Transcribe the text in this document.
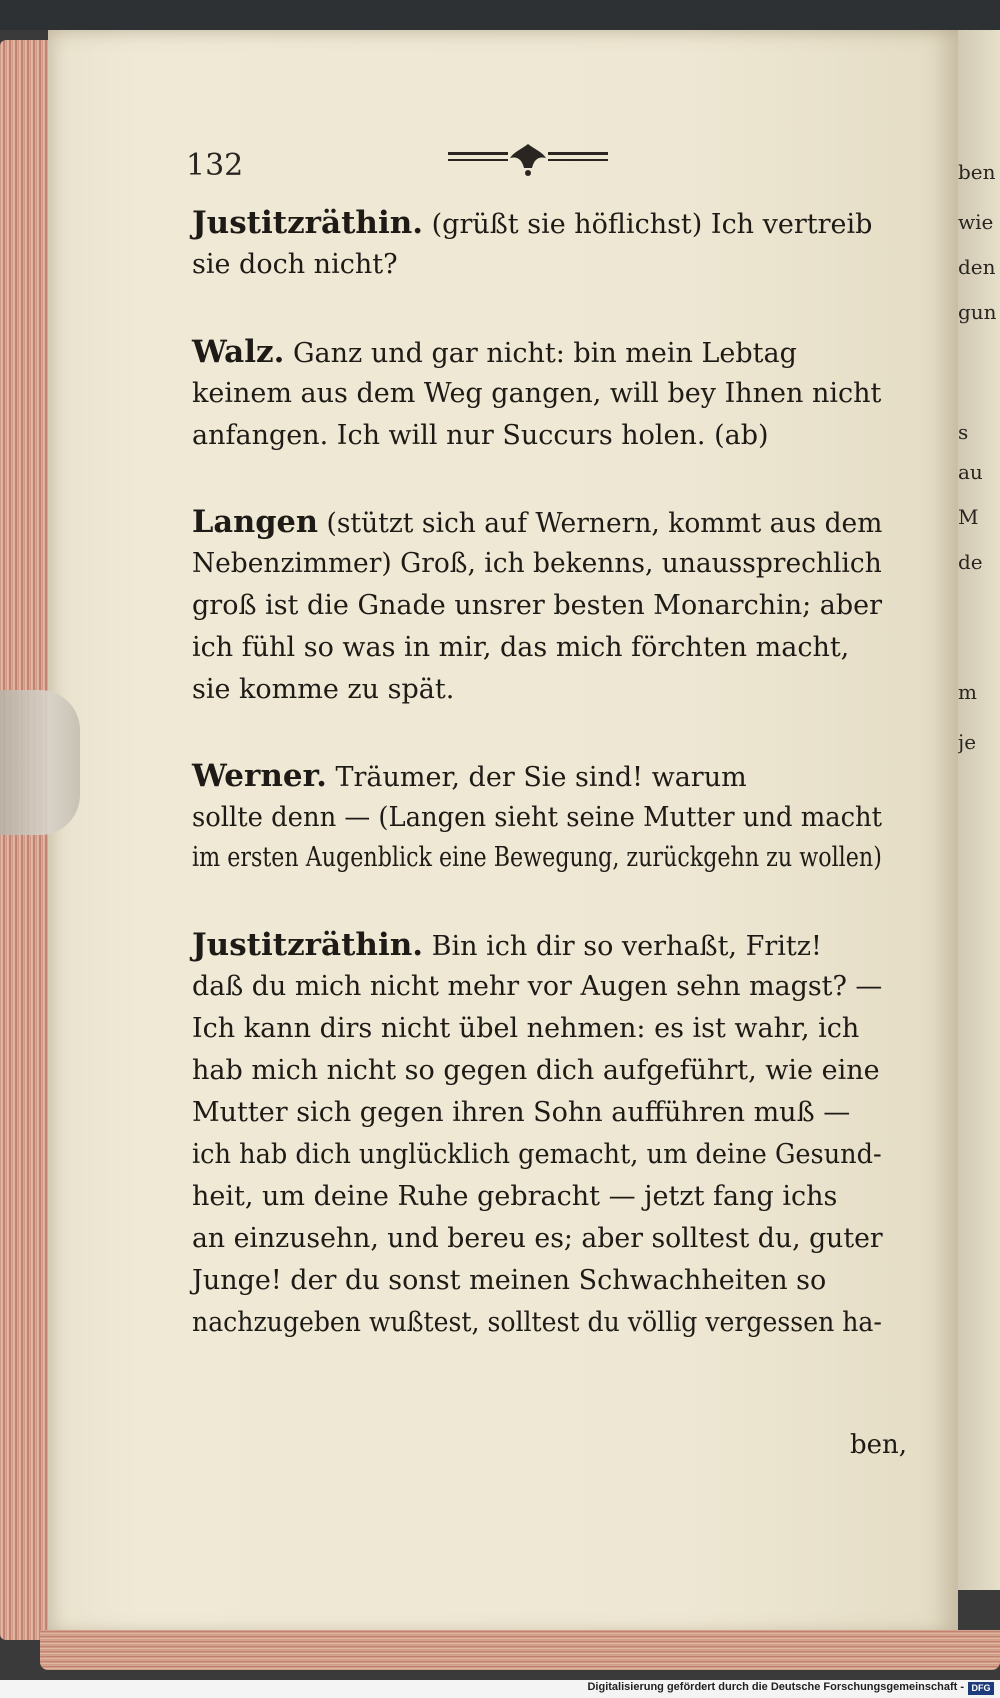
ben
wie
den
gun
s
au
M
de
m
je
132
Justitzräthin. (grüßt sie höflichst) Ich vertreib
sie doch nicht?
Walz. Ganz und gar nicht: bin mein Lebtag
keinem aus dem Weg gangen, will bey Ihnen nicht
anfangen. Ich will nur Succurs holen. (ab)
Langen (stützt sich auf Wernern, kommt aus dem
Nebenzimmer) Groß, ich bekenns, unaussprechlich
groß ist die Gnade unsrer besten Monarchin; aber
ich fühl so was in mir, das mich förchten macht,
sie komme zu spät.
Werner. Träumer, der Sie sind! warum
sollte denn — (Langen sieht seine Mutter und macht
im ersten Augenblick eine Bewegung, zurückgehn zu wollen)
Justitzräthin. Bin ich dir so verhaßt, Fritz!
daß du mich nicht mehr vor Augen sehn magst? —
Ich kann dirs nicht übel nehmen: es ist wahr, ich
hab mich nicht so gegen dich aufgeführt, wie eine
Mutter sich gegen ihren Sohn aufführen muß —
ich hab dich unglücklich gemacht, um deine Gesund-
heit, um deine Ruhe gebracht — jetzt fang ichs
an einzusehn, und bereu es; aber solltest du, guter
Junge! der du sonst meinen Schwachheiten so
nachzugeben wußtest, solltest du völlig vergessen ha-
ben,
Digitalisierung gefördert durch die Deutsche Forschungsgemeinschaft - DFG
